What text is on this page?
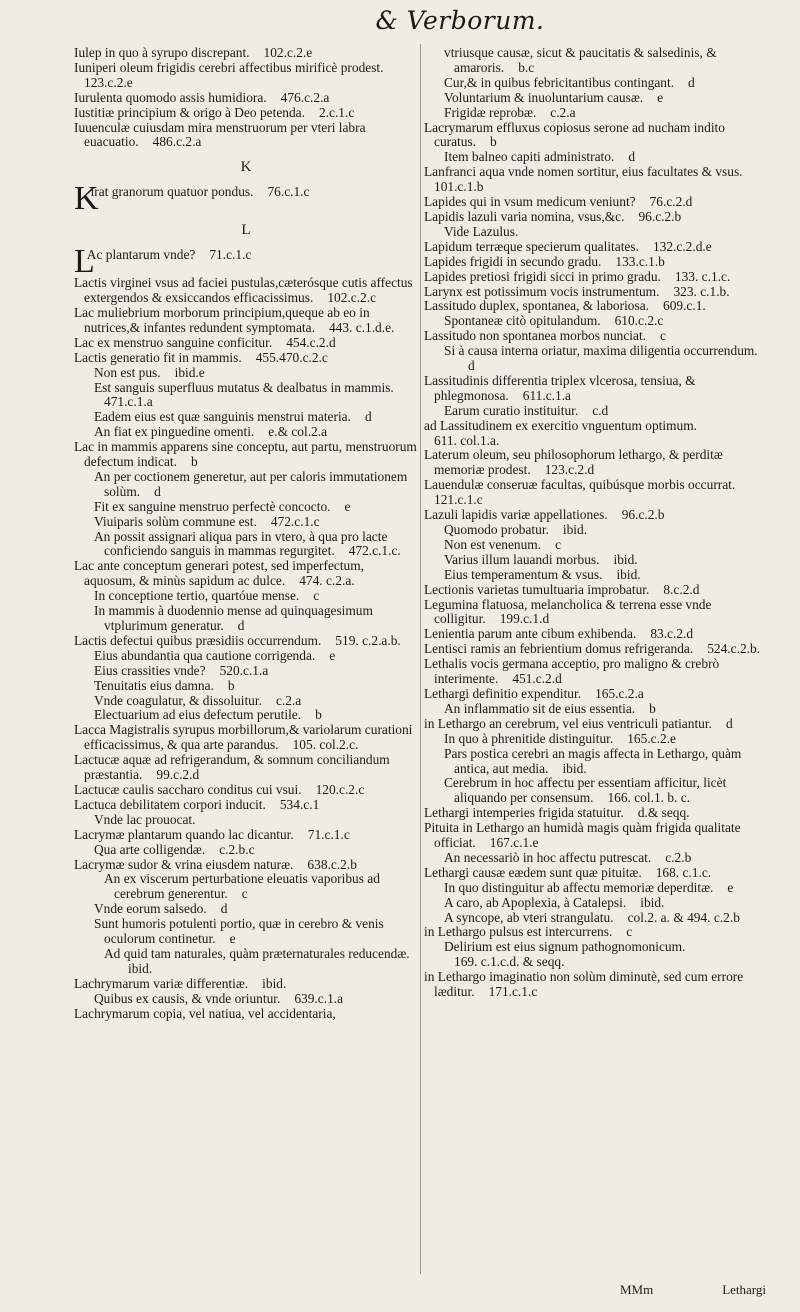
& Verborum.

Iulep in quo à syrupo discrepant. 102.c.2.e

Iuniperi oleum frigidis cerebri affectibus mirificè prodest.123.c.2.e

Iurulenta quomodo assis humidiora. 476.c.2.a

Iustitiæ principium & origo à Deo petenda. 2.c.1.c

Iuuenculæ cuiusdam mira menstruorum per vteri labra euacuatio. 486.c.2.a

K

K
irat granorum quatuor pondus. 76.c.1.c

L

L
Ac plantarum vnde? 71.c.1.c

Lactis virginei vsus ad faciei pustulas,cæterósque cutis affectus extergendos & exsiccandos efficacissimus. 102.c.2.c

Lac muliebrium morborum principium,queque ab eo in nutrices,& infantes redundent symptomata. 443. c.1.d.e.

Lac ex menstruo sanguine conficitur. 454.c.2.d

Lactis generatio fit in mammis. 455.470.c.2.c

Non est pus. ibid.e

Est sanguis superfluus mutatus & dealbatus in mammis.471.c.1.a

Eadem eius est quæ sanguinis menstrui materia. d

An fiat ex pinguedine omenti. e.& col.2.a

Lac in mammis apparens sine conceptu, aut partu, menstruorum defectum indicat. b

An per coctionem generetur, aut per caloris immutationem solùm. d

Fit ex sanguine menstruo perfectè concocto. e

Viuiparis solùm commune est. 472.c.1.c

An possit assignari aliqua pars in vtero, à qua pro lacte conficiendo sanguis in mammas regurgitet. 472.c.1.c.

Lac ante conceptum generari potest, sed imperfectum, aquosum, & minùs sapidum ac dulce. 474. c.2.a.

In conceptione tertio, quartóue mense. c

In mammis à duodennio mense ad quinquagesimum vtplurimum generatur. d

Lactis defectui quibus præsidiis occurrendum. 519. c.2.a.b.

Eius abundantia qua cautione corrigenda. e

Eius crassities vnde? 520.c.1.a

Tenuitatis eius damna. b

Vnde coagulatur, & dissoluitur. c.2.a

Electuarium ad eius defectum perutile. b

Lacca Magistralis syrupus morbillorum,& variolarum curationi efficacissimus, & qua arte parandus. 105. col.2.c.

Lactucæ aquæ ad refrigerandum, & somnum conciliandum præstantia. 99.c.2.d

Lactucæ caulis saccharo conditus cui vsui. 120.c.2.c

Lactuca debilitatem corpori inducit. 534.c.1

Vnde lac prouocat.

Lacrymæ plantarum quando lac dicantur. 71.c.1.c

Qua arte colligendæ. c.2.b.c

Lacrymæ sudor & vrina eiusdem naturæ. 638.c.2.b

An ex viscerum perturbatione eleuatis vaporibus ad cerebrum generentur. c

Vnde eorum salsedo. d

Sunt humoris potulenti portio, quæ in cerebro & venis oculorum continetur. e

Ad quid tam naturales, quàm præternaturales reducendæ.ibid.

Lachrymarum variæ differentiæ. ibid.

Quibus ex causis, & vnde oriuntur. 639.c.1.a

Lachrymarum copia, vel natiua, vel accidentaria,

vtriusque causæ, sicut & paucitatis & salsedinis, & amaroris. b.c

Cur,& in quibus febricitantibus contingant. d

Voluntarium & inuoluntarium causæ. e

Frigidæ reprobæ. c.2.a

Lacrymarum effluxus copiosus serone ad nucham indito curatus. b

Item balneo capiti administrato. d

Lanfranci aqua vnde nomen sortitur, eius facultates & vsus.101.c.1.b

Lapides qui in vsum medicum veniunt? 76.c.2.d

Lapidis lazuli varia nomina, vsus,&c. 96.c.2.b

Vide Lazulus.

Lapidum terræque specierum qualitates. 132.c.2.d.e

Lapides frigidi in secundo gradu. 133.c.1.b

Lapides pretiosi frigidi sicci in primo gradu. 133. c.1.c.

Larynx est potissimum vocis instrumentum. 323. c.1.b.

Lassitudo duplex, spontanea, & laboriosa. 609.c.1.

Spontaneæ citò opitulandum. 610.c.2.c

Lassitudo non spontanea morbos nunciat. c

Si à causa interna oriatur, maxima diligentia occurrendum.d

Lassitudinis differentia triplex vlcerosa, tensiua, & phlegmonosa. 611.c.1.a

Earum curatio instituitur. c.d

ad Lassitudinem ex exercitio vnguentum optimum.611. col.1.a.

Laterum oleum, seu philosophorum lethargo, & perditæ memoriæ prodest. 123.c.2.d

Lauendulæ conseruæ facultas, quibúsque morbis occurrat.121.c.1.c

Lazuli lapidis variæ appellationes. 96.c.2.b

Quomodo probatur. ibid.

Non est venenum. c

Varius illum lauandi morbus. ibid.

Eius temperamentum & vsus. ibid.

Lectionis varietas tumultuaria improbatur. 8.c.2.d

Legumina flatuosa, melancholica & terrena esse vnde colligitur. 199.c.1.d

Lenientia parum ante cibum exhibenda. 83.c.2.d

Lentisci ramis an febrientium domus refrigeranda. 524.c.2.b.

Lethalis vocis germana acceptio, pro maligno & crebrò interimente. 451.c.2.d

Lethargi definitio expenditur. 165.c.2.a

An inflammatio sit de eius essentia. b

in Lethargo an cerebrum, vel eius ventriculi patiantur. d

In quo à phrenitide distinguitur. 165.c.2.e

Pars postica cerebri an magis affecta in Lethargo, quàm antica, aut media. ibid.

Cerebrum in hoc affectu per essentiam afficitur, licèt aliquando per consensum. 166. col.1. b. c.

Lethargi intemperies frigida statuitur. d.& seqq.

Pituita in Lethargo an humidà magis quàm frigida qualitate officiat. 167.c.1.e

An necessariò in hoc affectu putrescat. c.2.b

Lethargi causæ eædem sunt quæ pituitæ. 168. c.1.c.

In quo distinguitur ab affectu memoriæ deperditæ. e

A caro, ab Apoplexia, à Catalepsi. ibid.

A syncope, ab vteri strangulatu. col.2. a. & 494. c.2.b

in Lethargo pulsus est intercurrens. c

Delirium est eius signum pathognomonicum.169. c.1.c.d. & seqq.

in Lethargo imaginatio non solùm diminutè, sed cum errore læditur. 171.c.1.c

MMm	Lethargi
